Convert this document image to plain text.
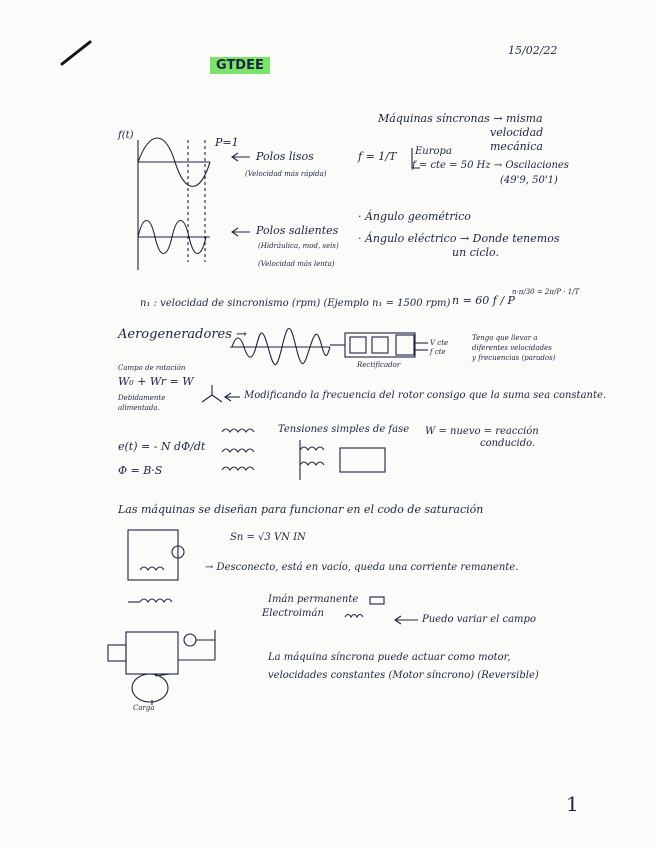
GTDEE
15/02/22
f(t)
P=1
Polos lisos
(Velocidad más rápida)
Polos salientes
(Hidráulica, mod, seis)
(Velocidad más lenta)
Máquinas síncronas → misma
velocidad
mecánica
f = 1/T Europa
f = cte = 50 Hz → Oscilaciones
(49'9, 50'1)
· Ángulo geométrico
· Ángulo eléctrico → Donde tenemos
un ciclo.
n₁ : velocidad de sincronismo (rpm) (Ejemplo n₁ = 1500 rpm) n = 60 f / P
n·π/30 = 2π/P · 1/T
Aerogeneradores →
Rectificador
V cte
f cte
Tengo que llevar a
diferentes velocidades
y frecuencias (parados)
Campo de rotación
W₀ + Wr = W
Debidamente
alimentada.
Modificando la frecuencia del rotor consigo que la suma sea constante.
Tensiones simples de fase W = nuevo = reacción
conducido.
e(t) = - N dΦ/dt
Φ = B·S
Las máquinas se diseñan para funcionar en el codo de saturación
Sn = √3 VN IN
→ Desconecto, está en vacío, queda una corriente remanente.
Imán permanente
Electroimán
Puedo variar el campo
La máquina síncrona puede actuar como motor,
velocidades constantes (Motor síncrono) (Reversible)
Carga
1
